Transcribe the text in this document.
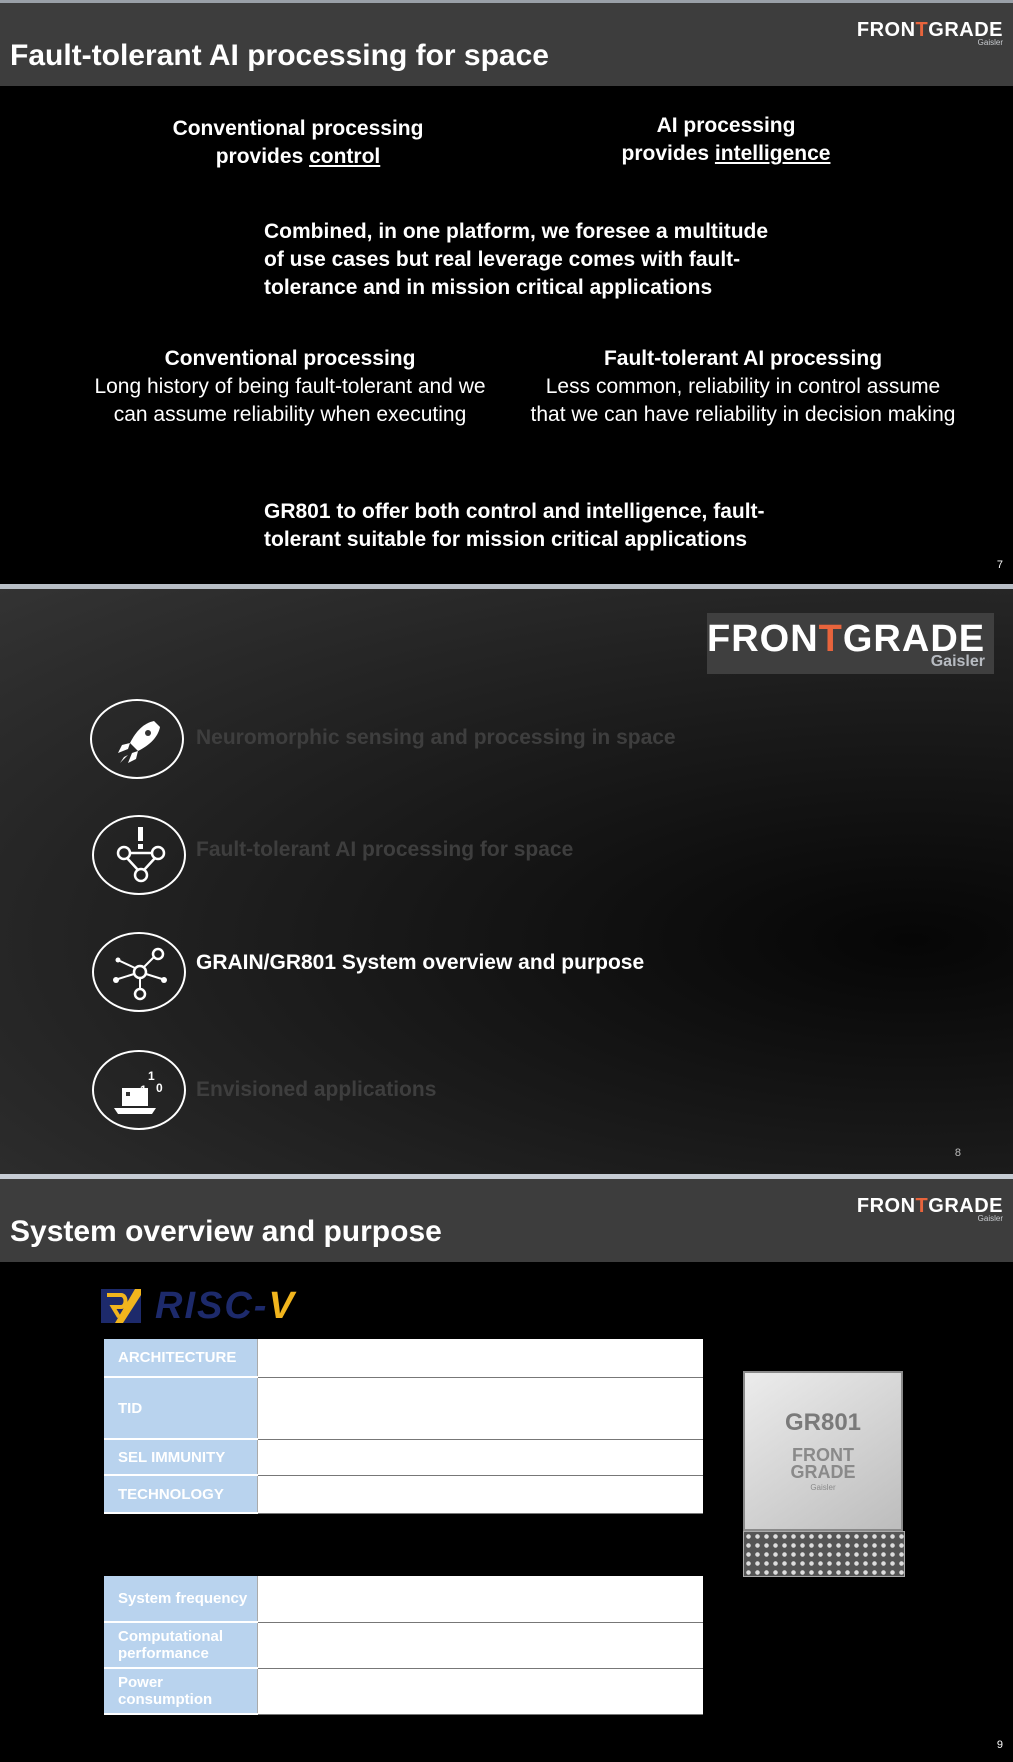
Fault-tolerant AI processing for space
FRONTGRADE
Gaisler
Conventional processing
provides control
AI processing
provides intelligence
Combined, in one platform, we foresee a multitude
of use cases but real leverage comes with fault-
tolerance and in mission critical applications
Conventional processing
Long history of being fault-tolerant and we
can assume reliability when executing
Fault-tolerant AI processing
Less common, reliability in control assume
that we can have reliability in decision making
GR801 to offer both control and intelligence, fault-
tolerant suitable for mission critical applications
7
FRONTGRADE
Gaisler
Neuromorphic sensing and processing in space
Fault-tolerant AI processing for space
GRAIN/GR801 System overview and purpose
1
0 Envisioned applications
8
System overview and purpose
FRONTGRADE
Gaisler
RISC-V
ARCHITECTURE	
TID	
SEL IMMUNITY	
TECHNOLOGY	
System frequency	
Computational performance	
Power consumption	
GR801
FRONT
GRADE
Gaisler
9
